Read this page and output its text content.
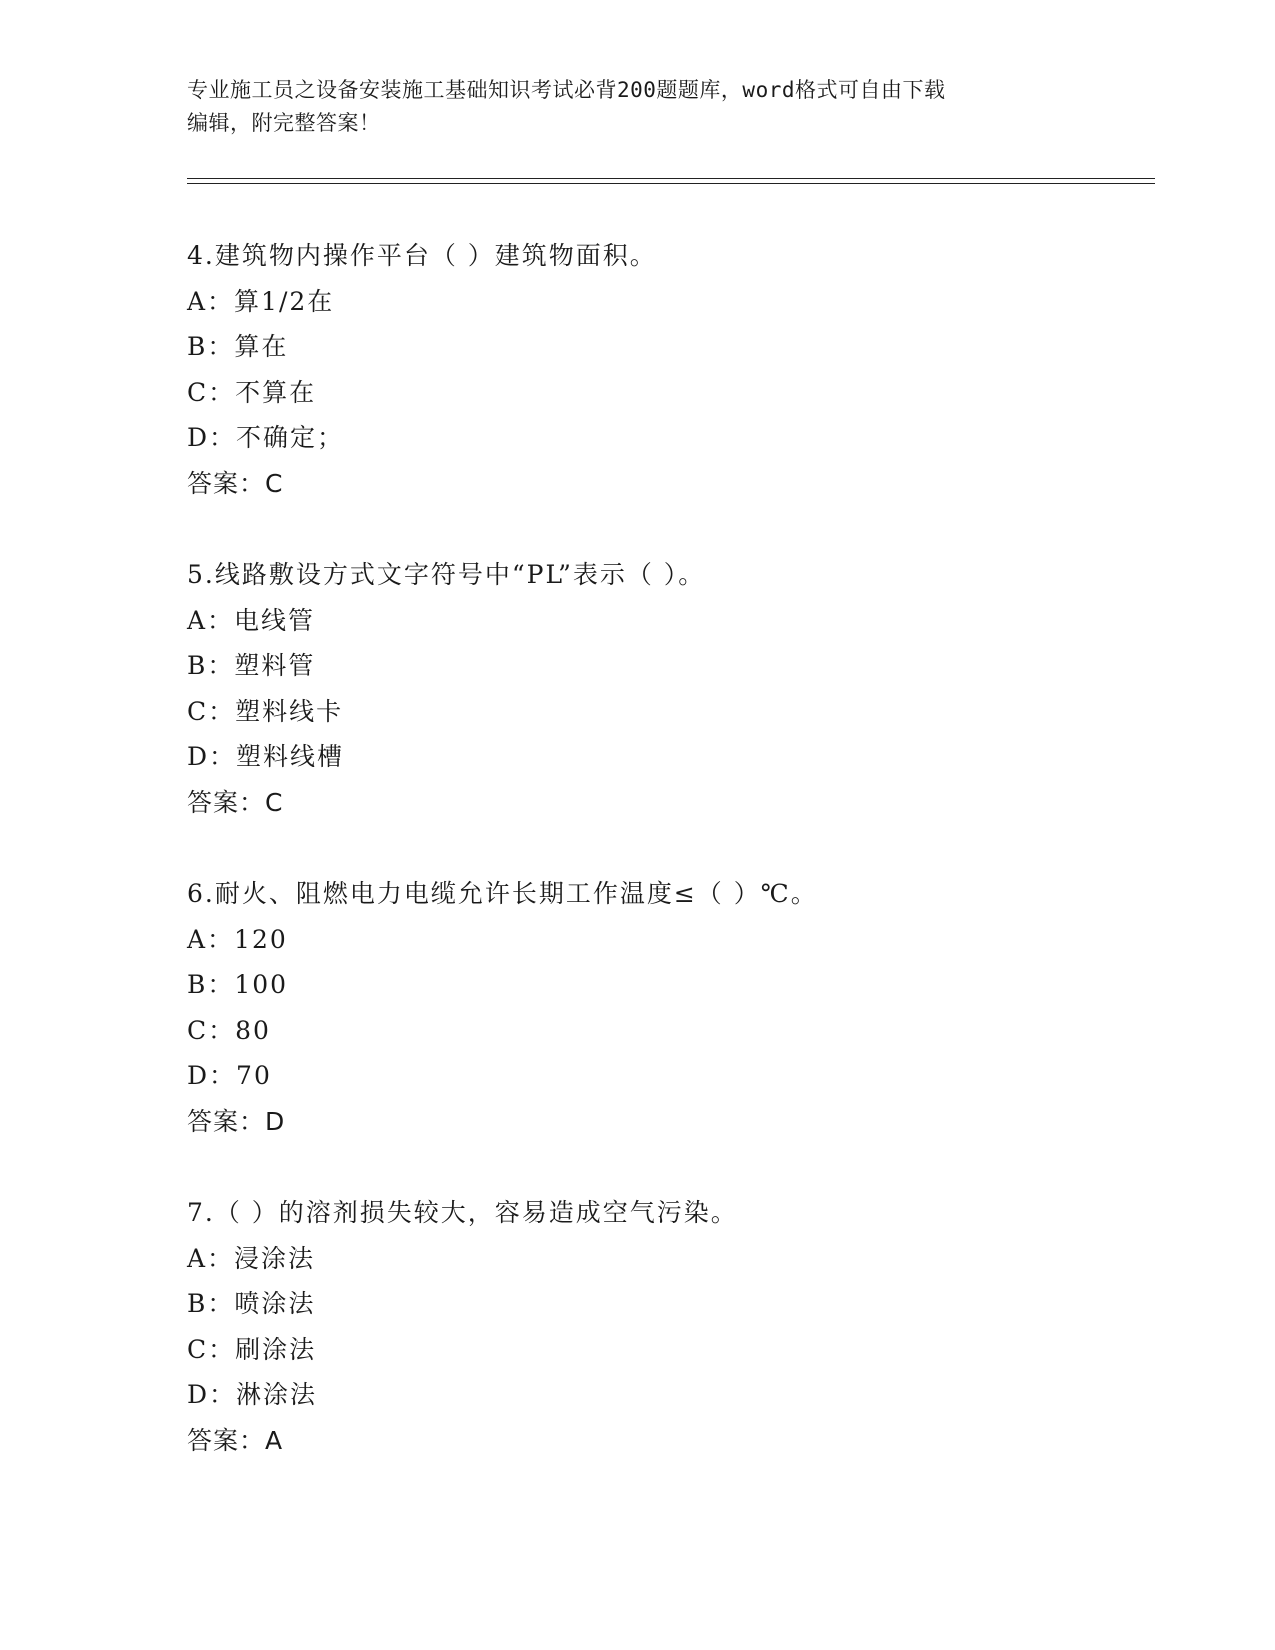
专业施工员之设备安装施工基础知识考试必背200题题库，word格式可自由下载
编辑，附完整答案！
4.建筑物内操作平台（ ）建筑物面积。
A：算1/2在
B：算在
C：不算在
D：不确定；
答案：C
5.线路敷设方式文字符号中“PL”表示（ ）。
A：电线管
B：塑料管
C：塑料线卡
D：塑料线槽
答案：C
6.耐火、阻燃电力电缆允许长期工作温度≤（ ）℃。
A：120
B：100
C：80
D：70
答案：D
7.（ ）的溶剂损失较大，容易造成空气污染。
A：浸涂法
B：喷涂法
C：刷涂法
D：淋涂法
答案：A
